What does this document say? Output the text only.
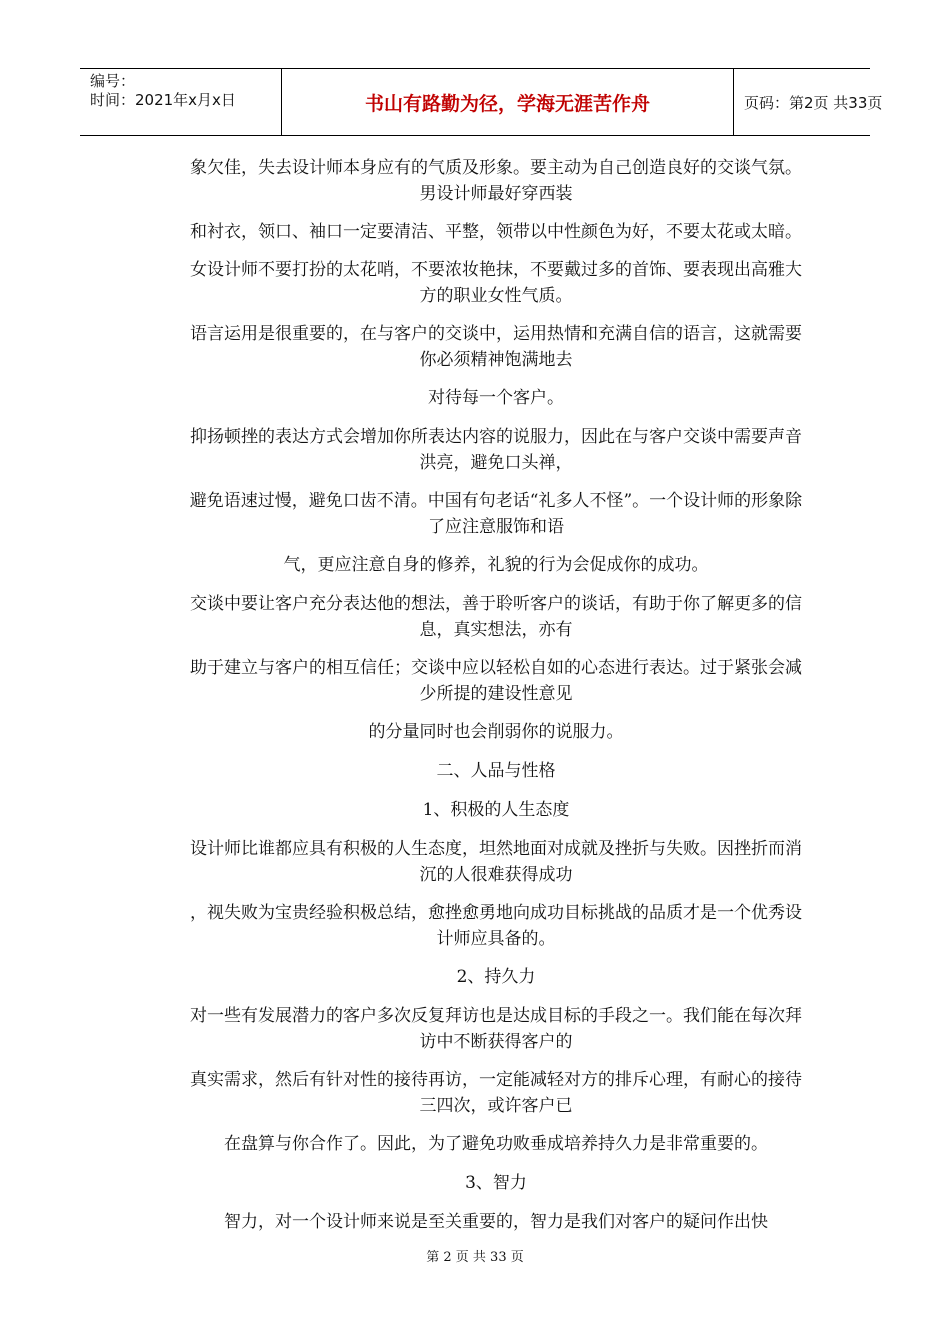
编号：
时间：2021年x月x日	书山有路勤为径，学海无涯苦作舟	页码：第2页 共33页

象欠佳，失去设计师本身应有的气质及形象。要主动为自己创造良好的交谈气氛。男设计师最好穿西装

和衬衣，领口、袖口一定要清洁、平整，领带以中性颜色为好，不要太花或太暗。

女设计师不要打扮的太花哨，不要浓妆艳抹，不要戴过多的首饰、要表现出高雅大方的职业女性气质。

语言运用是很重要的，在与客户的交谈中，运用热情和充满自信的语言，这就需要你必须精神饱满地去

对待每一个客户。

抑扬顿挫的表达方式会增加你所表达内容的说服力，因此在与客户交谈中需要声音洪亮，避免口头禅，

避免语速过慢，避免口齿不清。中国有句老话“礼多人不怪”。一个设计师的形象除了应注意服饰和语

气，更应注意自身的修养，礼貌的行为会促成你的成功。

交谈中要让客户充分表达他的想法，善于聆听客户的谈话，有助于你了解更多的信息，真实想法，亦有

助于建立与客户的相互信任；交谈中应以轻松自如的心态进行表达。过于紧张会减少所提的建设性意见

的分量同时也会削弱你的说服力。

二、人品与性格

1、积极的人生态度

设计师比谁都应具有积极的人生态度，坦然地面对成就及挫折与失败。因挫折而消沉的人很难获得成功

，视失败为宝贵经验积极总结，愈挫愈勇地向成功目标挑战的品质才是一个优秀设计师应具备的。

2、持久力

对一些有发展潜力的客户多次反复拜访也是达成目标的手段之一。我们能在每次拜访中不断获得客户的

真实需求，然后有针对性的接待再访，一定能减轻对方的排斥心理，有耐心的接待三四次，或许客户已

在盘算与你合作了。因此，为了避免功败垂成培养持久力是非常重要的。

3、智力

智力，对一个设计师来说是至关重要的，智力是我们对客户的疑问作出快

第 2 页 共 33 页
